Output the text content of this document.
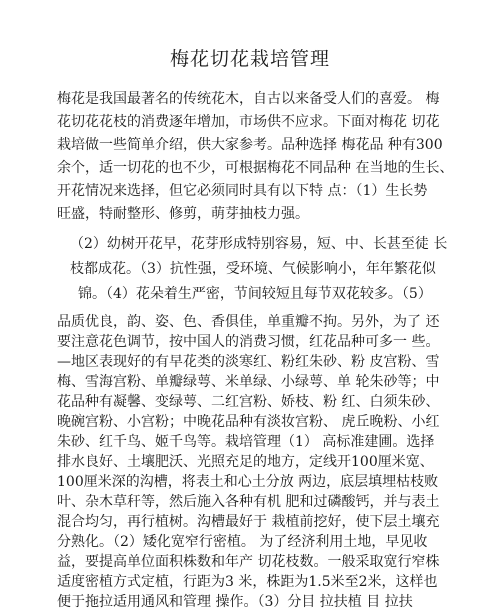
梅花切花栽培管理
梅花是我国最著名的传统花木，自古以来备受人们的喜爱。 梅
花切花花枝的消费逐年增加，市场供不应求。下面对梅花 切花
栽培做一些简单介绍，供大家参考。品种选择 梅花品 种有300
余个，适一切花的也不少，可根据梅花不同品种 在当地的生长、
开花情况来选择，但它必须同时具有以下特 点：（1）生长势
旺盛，特耐整形、修剪，萌芽抽枝力强。
（2）幼树开花早，花芽形成特别容易，短、中、长甚至徒 长
枝都成花。（3）抗性强，受环境、气候影响小，年年繁花似
锦。（4）花朵着生严密，节间较短且每节双花较多。（5）
品质优良，韵、姿、色、香俱佳，单重瓣不拘。另外，为了 还
要注意花色调节，按中国人的消费习惯，红花品种可多一 些。
—地区表现好的有早花类的淡寒红、粉红朱砂、粉 皮宫粉、雪
梅、雪海宫粉、单瓣绿萼、米单绿、小绿萼、单 轮朱砂等；中
花品种有凝馨、变绿萼、二红宫粉、娇枝、粉 红、白须朱砂、
晚碗宫粉、小宫粉；中晚花品种有淡妆宫粉、 虎丘晚粉、小红
朱砂、红千鸟、姬千鸟等。栽培管理（1） 高标准建圃。选择
排水良好、土壤肥沃、光照充足的地方，定线开100厘米宽、
100厘米深的沟槽，将表土和心土分放 两边，底层填埋枯枝败
叶、杂木草秆等，然后施入各种有机 肥和过磷酸钙，并与表土
混合均匀，再行植树。沟槽最好于 栽植前挖好，使下层土壤充
分熟化。（2）矮化宽窄行密植。 为了经济利用土地，早见收
益，要提高单位面积株数和年产 切花枝数。一般采取宽行窄株
适度密植方式定植，行距为3 米，株距为1.5米至2米，这样也
便于拖拉适用通风和管理 操作。（3）分目 拉扶植 目 拉扶
